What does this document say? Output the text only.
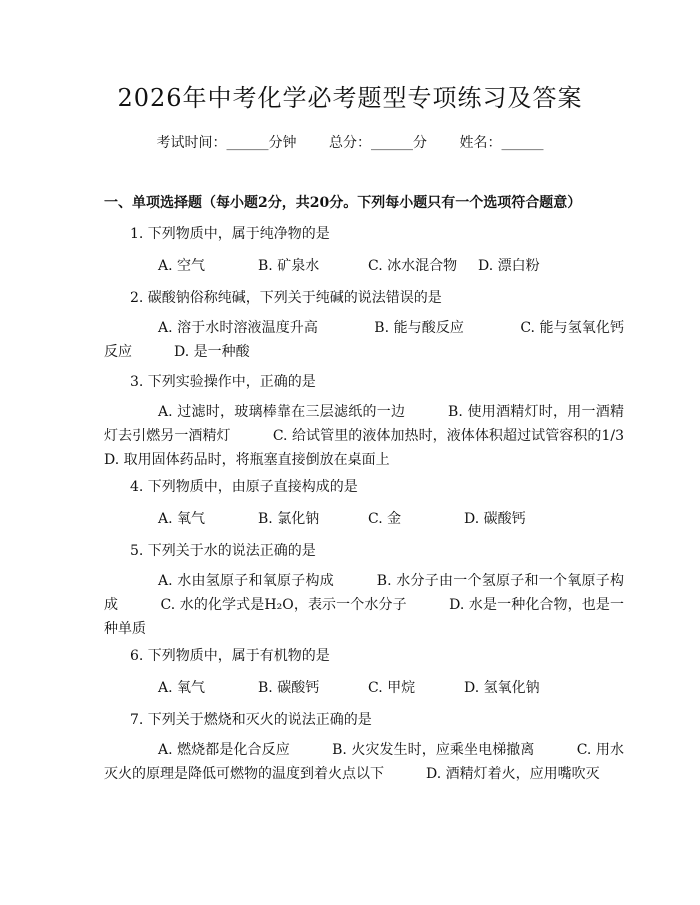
2026年中考化学必考题型专项练习及答案
考试时间：______分钟 总分：______分 姓名：______
一、单项选择题（每小题2分，共20分。下列每小题只有一个选项符合题意）
1. 下列物质中，属于纯净物的是
A. 空气	B. 矿泉水	C. 冰水混合物 D. 漂白粉
2. 碳酸钠俗称纯碱，下列关于纯碱的说法错误的是
A. 溶于水时溶液温度升高　　　　	B. 能与酸反应　　　　	C. 能与氢氧化钙反应　　　	D. 是一种酸
3. 下列实验操作中，正确的是
A. 过滤时，玻璃棒靠在三层滤纸的一边　　　	B. 使用酒精灯时，用一酒精灯去引燃另一酒精灯　　　	C. 给试管里的液体加热时，液体体积超过试管容积的1/3　　　D. 取用固体药品时，将瓶塞直接倒放在桌面上
4. 下列物质中，由原子直接构成的是
A. 氧气	B. 氯化钠	C. 金	D. 碳酸钙
5. 下列关于水的说法正确的是
A. 水由氢原子和氧原子构成　　　	B. 水分子由一个氢原子和一个氧原子构成　　　	C. 水的化学式是H₂O，表示一个水分子　　　	D. 水是一种化合物，也是一种单质
6. 下列物质中，属于有机物的是
A. 氧气	B. 碳酸钙	C. 甲烷	D. 氢氧化钠
7. 下列关于燃烧和灭火的说法正确的是
A. 燃烧都是化合反应　　　	B. 火灾发生时，应乘坐电梯撤离　　　	C. 用水灭火的原理是降低可燃物的温度到着火点以下　　　	D. 酒精灯着火，应用嘴吹灭
